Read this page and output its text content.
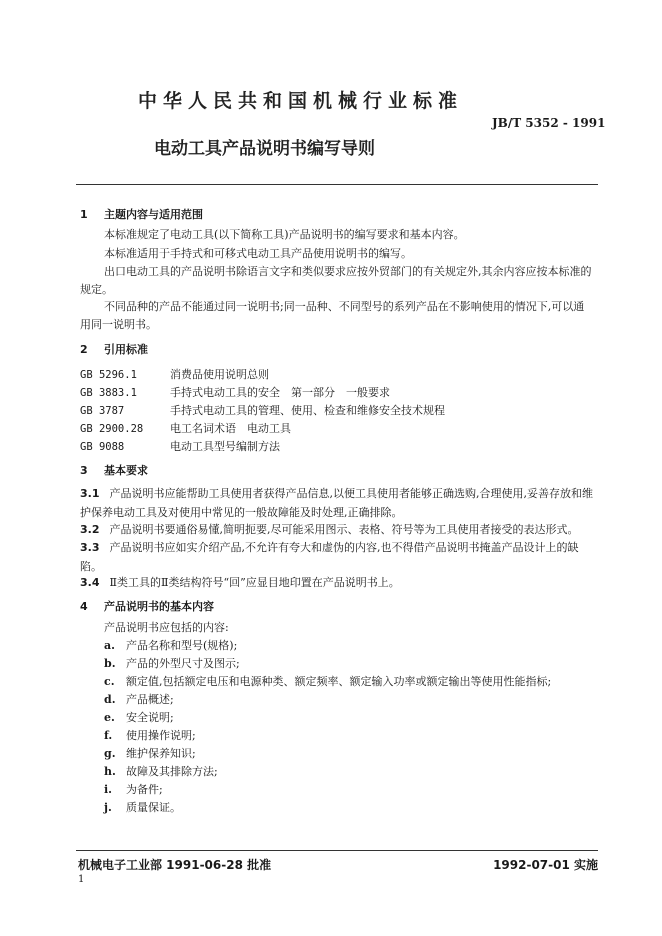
中华人民共和国机械行业标准
JB/T 5352 - 1991
电动工具产品说明书编写导则
1 主题内容与适用范围
本标准规定了电动工具(以下简称工具)产品说明书的编写要求和基本内容。
本标准适用于手持式和可移式电动工具产品使用说明书的编写。
出口电动工具的产品说明书除语言文字和类似要求应按外贸部门的有关规定外,其余内容应按本标准的规定。
不同品种的产品不能通过同一说明书;同一品种、不同型号的系列产品在不影响使用的情况下,可以通用同一说明书。
2 引用标准
GB 5296.1	消费品使用说明总则
GB 3883.1	手持式电动工具的安全　第一部分　一般要求
GB 3787	手持式电动工具的管理、使用、检查和维修安全技术规程
GB 2900.28 电工名词术语　电动工具
GB 9088	电动工具型号编制方法
3 基本要求
3.1 产品说明书应能帮助工具使用者获得产品信息,以便工具使用者能够正确选购,合理使用,妥善存放和维护保养电动工具及对使用中常见的一般故障能及时处理,正确排除。
3.2 产品说明书要通俗易懂,简明扼要,尽可能采用图示、表格、符号等为工具使用者接受的表达形式。
3.3 产品说明书应如实介绍产品,不允许有夸大和虚伪的内容,也不得借产品说明书掩盖产品设计上的缺陷。
3.4 Ⅱ类工具的Ⅱ类结构符号“回”应显目地印置在产品说明书上。
4 产品说明书的基本内容
产品说明书应包括的内容:
a. 产品名称和型号(规格);
b. 产品的外型尺寸及图示;
c. 额定值,包括额定电压和电源种类、额定频率、额定输入功率或额定输出等使用性能指标;
d. 产品概述;
e. 安全说明;
f. 使用操作说明;
g. 维护保养知识;
h. 故障及其排除方法;
i. 为备件;
j. 质量保证。
机械电子工业部 1991-06-28 批准	1992-07-01 实施
1
